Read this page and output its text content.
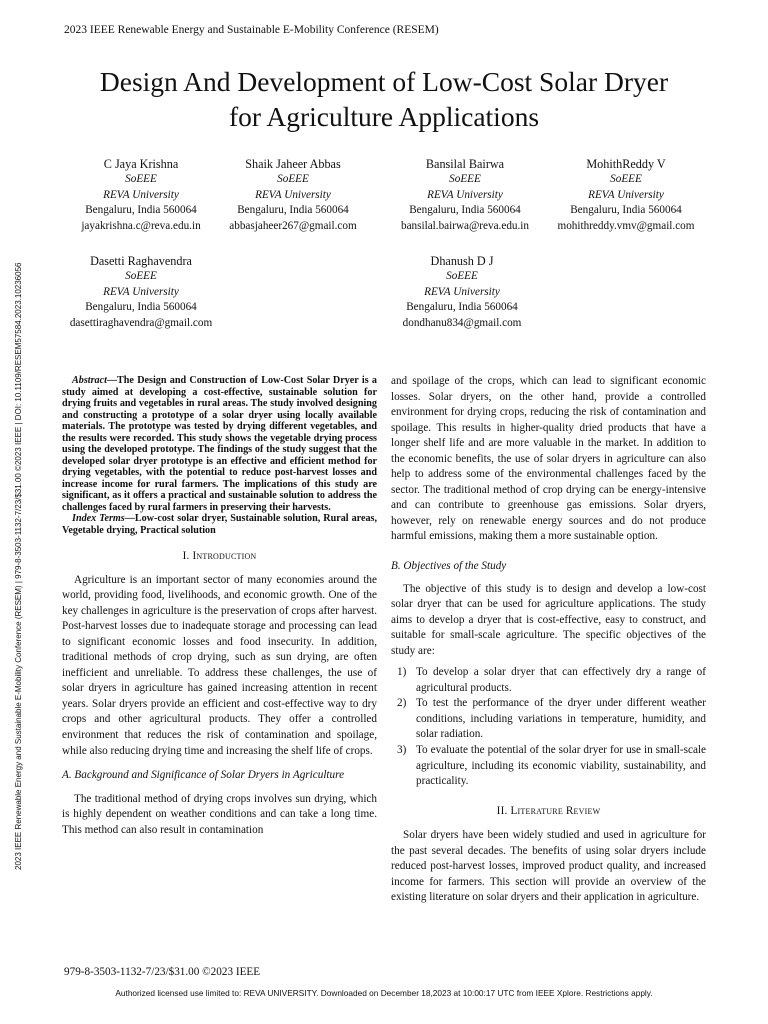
2023 IEEE Renewable Energy and Sustainable E-Mobility Conference (RESEM)
Design And Development of Low-Cost Solar Dryer
for Agriculture Applications
2023 IEEE Renewable Energy and Sustainable E-Mobility Conference (RESEM) | 979-8-3503-1132-7/23/$31.00 ©2023 IEEE | DOI: 10.1109/RESEM57584.2023.10236056
C Jaya Krishna
SoEEE
REVA University
Bengaluru, India 560064
jayakrishna.c@reva.edu.in
Shaik Jaheer Abbas
SoEEE
REVA University
Bengaluru, India 560064
abbasjaheer267@gmail.com
Bansilal Bairwa
SoEEE
REVA University
Bengaluru, India 560064
bansilal.bairwa@reva.edu.in
MohithReddy V
SoEEE
REVA University
Bengaluru, India 560064
mohithreddy.vmv@gmail.com
Dasetti Raghavendra
SoEEE
REVA University
Bengaluru, India 560064
dasettiraghavendra@gmail.com
Dhanush D J
SoEEE
REVA University
Bengaluru, India 560064
dondhanu834@gmail.com

Abstract—The Design and Construction of Low-Cost Solar Dryer is a study aimed at developing a cost-effective, sustainable solution for drying fruits and vegetables in rural areas. The study involved designing and constructing a prototype of a solar dryer using locally available materials. The prototype was tested by drying different vegetables, and the results were recorded. This study shows the vegetable drying process using the developed prototype. The findings of the study suggest that the developed solar dryer prototype is an effective and efficient method for drying vegetables, with the potential to reduce post-harvest losses and increase income for rural farmers. The implications of this study are significant, as it offers a practical and sustainable solution to address the challenges faced by rural farmers in preserving their harvests.

Index Terms—Low-cost solar dryer, Sustainable solution, Rural areas, Vegetable drying, Practical solution

I. Introduction

Agriculture is an important sector of many economies around the world, providing food, livelihoods, and economic growth. One of the key challenges in agriculture is the preservation of crops after harvest. Post-harvest losses due to inadequate storage and processing can lead to significant economic losses and food insecurity. In addition, traditional methods of crop drying, such as sun drying, are often inefficient and unreliable. To address these challenges, the use of solar dryers in agriculture has gained increasing attention in recent years. Solar dryers provide an efficient and cost-effective way to dry crops and other agricultural products. They offer a controlled environment that reduces the risk of contamination and spoilage, while also reducing drying time and increasing the shelf life of crops.

A. Background and Significance of Solar Dryers in Agriculture

The traditional method of drying crops involves sun drying, which is highly dependent on weather conditions and can take a long time. This method can also result in contamination

and spoilage of the crops, which can lead to significant economic losses. Solar dryers, on the other hand, provide a controlled environment for drying crops, reducing the risk of contamination and spoilage. This results in higher-quality dried products that have a longer shelf life and are more valuable in the market. In addition to the economic benefits, the use of solar dryers in agriculture can also help to address some of the environmental challenges faced by the sector. The traditional method of crop drying can be energy-intensive and can contribute to greenhouse gas emissions. Solar dryers, however, rely on renewable energy sources and do not produce harmful emissions, making them a more sustainable option.

B. Objectives of the Study

The objective of this study is to design and develop a low-cost solar dryer that can be used for agriculture applications. The study aims to develop a dryer that is cost-effective, easy to construct, and suitable for small-scale agriculture. The specific objectives of the study are:

1) To develop a solar dryer that can effectively dry a range of agricultural products.
2) To test the performance of the dryer under different weather conditions, including variations in temperature, humidity, and solar radiation.
3) To evaluate the potential of the solar dryer for use in small-scale agriculture, including its economic viability, sustainability, and practicality.
II. Literature Review

Solar dryers have been widely studied and used in agriculture for the past several decades. The benefits of using solar dryers include reduced post-harvest losses, improved product quality, and increased income for farmers. This section will provide an overview of the existing literature on solar dryers and their application in agriculture.

979-8-3503-1132-7/23/$31.00 ©2023 IEEE
Authorized licensed use limited to: REVA UNIVERSITY. Downloaded on December 18,2023 at 10:00:17 UTC from IEEE Xplore. Restrictions apply.
